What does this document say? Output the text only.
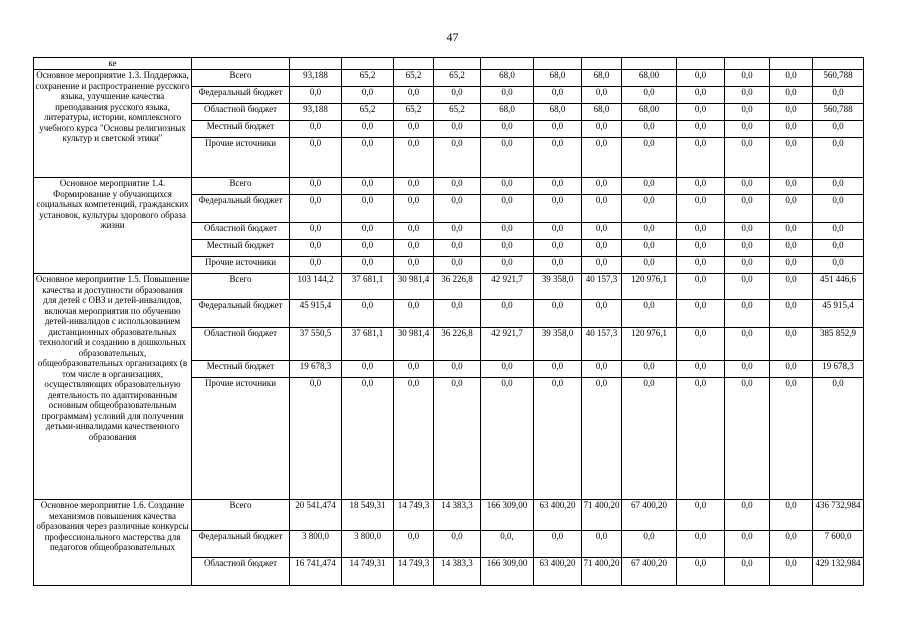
47
ке													
Основное мероприятие 1.3. Поддержка, сохранение и распространение русского языка, улучшение качества преподавания русского языка, литературы, истории, комплексного учебного курса "Основы религиозных культур и светской этики"	Всего	93,188	65,2	65,2	65,2	68,0	68,0	68,0	68,00	0,0	0,0	0,0	560,788
	Федеральный бюджет	0,0	0,0	0,0	0,0	0,0	0,0	0,0	0,0	0,0	0,0	0,0	0,0
	Областной бюджет	93,188	65,2	65,2	65,2	68,0	68,0	68,0	68,00	0,0	0,0	0,0	560,788
	Местный бюджет	0,0	0,0	0,0	0,0	0,0	0,0	0,0	0,0	0,0	0,0	0,0	0,0
	Прочие источники	0,0	0,0	0,0	0,0	0,0	0,0	0,0	0,0	0,0	0,0	0,0	0,0
Основное мероприятие 1.4. Формирование у обучающихся социальных компетенций, гражданских установок, культуры здорового образа жизни	Всего	0,0	0,0	0,0	0,0	0,0	0,0	0,0	0,0	0,0	0,0	0,0	0,0
	Федеральный бюджет	0,0	0,0	0,0	0,0	0,0	0,0	0,0	0,0	0,0	0,0	0,0	0,0
	Областной бюджет	0,0	0,0	0,0	0,0	0,0	0,0	0,0	0,0	0,0	0,0	0,0	0,0
	Местный бюджет	0,0	0,0	0,0	0,0	0,0	0,0	0,0	0,0	0,0	0,0	0,0	0,0
	Прочие источники	0,0	0,0	0,0	0,0	0,0	0,0	0,0	0,0	0,0	0,0	0,0	0,0
Основное мероприятие 1.5. Повышение качества и доступности образования для детей с ОВЗ и детей-инвалидов, включая мероприятия по обучению детей-инвалидов с использованием дистанционных образовательных технологий и созданию в дошкольных образовательных, общеобразовательных организациях (в том числе в организациях, осуществляющих образовательную деятельность по адаптированным основным общеобразовательным программам) условий для получения детьми-инвалидами качественного образования	Всего	103 144,2	37 681,1	30 981,4	36 226,8	42 921,7	39 358,0	40 157,3	120 976,1	0,0	0,0	0,0	451 446,6
	Федеральный бюджет	45 915,4	0,0	0,0	0,0	0,0	0,0	0,0	0,0	0,0	0,0	0,0	45 915,4
	Областной бюджет	37 550,5	37 681,1	30 981,4	36 226,8	42 921,7	39 358,0	40 157,3	120 976,1	0,0	0,0	0,0	385 852,9
	Местный бюджет	19 678,3	0,0	0,0	0,0	0,0	0,0	0,0	0,0	0,0	0,0	0,0	19 678,3
	Прочие источники	0,0	0,0	0,0	0,0	0,0	0,0	0,0	0,0	0,0	0,0	0,0	0,0
Основное мероприятие 1.6. Создание механизмов повышения качества образования через различные конкурсы профессионального мастерства для педагогов общеобразовательных	Всего	20 541,474	18 549,31	14 749,3	14 383,3	166 309,00	63 400,20	71 400,20	67 400,20	0,0	0,0	0,0	436 732,984
	Федеральный бюджет	3 800,0	3 800,0	0,0	0,0	0,0,	0,0	0,0	0,0	0,0	0,0	0,0	7 600,0
	Областной бюджет	16 741,474	14 749,31	14 749,3	14 383,3	166 309,00	63 400,20	71 400,20	67 400,20	0,0	0,0	0,0	429 132,984
